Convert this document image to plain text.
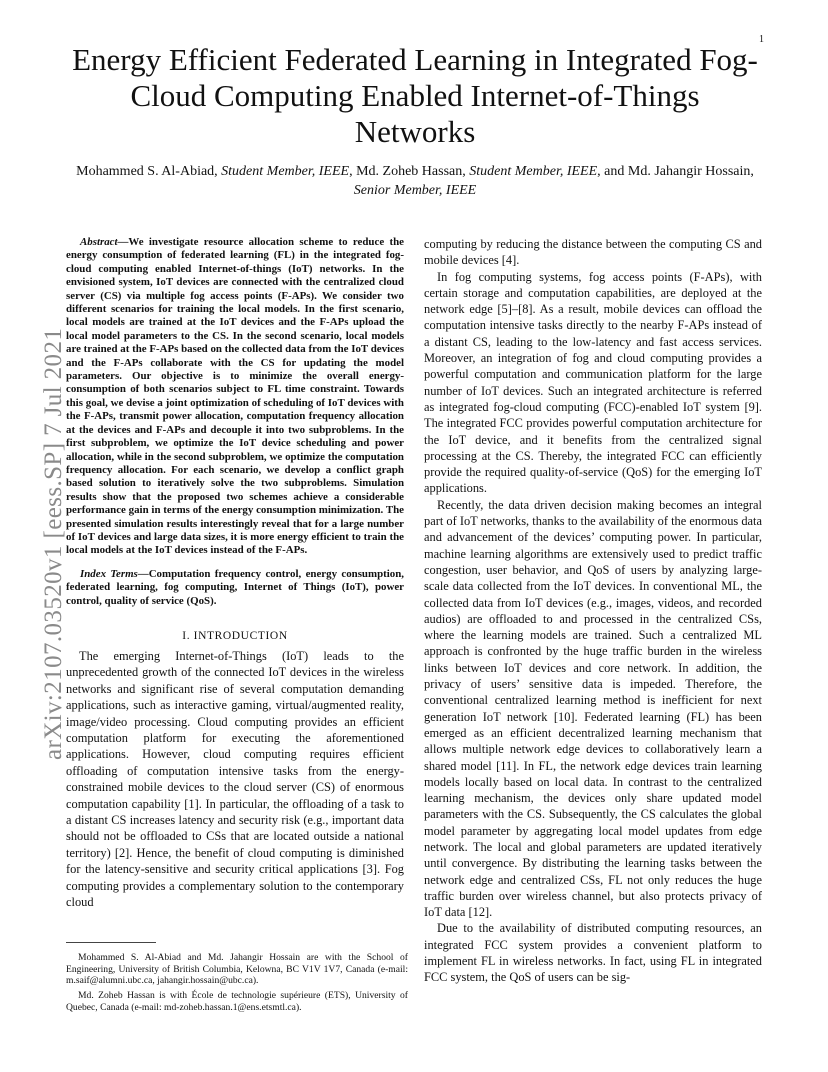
1
arXiv:2107.03520v1 [eess.SP] 7 Jul 2021
Energy Efficient Federated Learning in Integrated Fog-Cloud Computing Enabled Internet-of-Things Networks
Mohammed S. Al-Abiad, Student Member, IEEE, Md. Zoheb Hassan, Student Member, IEEE, and Md. Jahangir Hossain, Senior Member, IEEE

Abstract—We investigate resource allocation scheme to reduce the energy consumption of federated learning (FL) in the integrated fog-cloud computing enabled Internet-of-things (IoT) networks. In the envisioned system, IoT devices are connected with the centralized cloud server (CS) via multiple fog access points (F-APs). We consider two different scenarios for training the local models. In the first scenario, local models are trained at the IoT devices and the F-APs upload the local model parameters to the CS. In the second scenario, local models are trained at the F-APs based on the collected data from the IoT devices and the F-APs collaborate with the CS for updating the model parameters. Our objective is to minimize the overall energy-consumption of both scenarios subject to FL time constraint. Towards this goal, we devise a joint optimization of scheduling of IoT devices with the F-APs, transmit power allocation, computation frequency allocation at the devices and F-APs and decouple it into two subproblems. In the first subproblem, we optimize the IoT device scheduling and power allocation, while in the second subproblem, we optimize the computation frequency allocation. For each scenario, we develop a conflict graph based solution to iteratively solve the two subproblems. Simulation results show that the proposed two schemes achieve a considerable performance gain in terms of the energy consumption minimization. The presented simulation results interestingly reveal that for a large number of IoT devices and large data sizes, it is more energy efficient to train the local models at the IoT devices instead of the F-APs.

Index Terms—Computation frequency control, energy consumption, federated learning, fog computing, Internet of Things (IoT), power control, quality of service (QoS).

I. INTRODUCTION

The emerging Internet-of-Things (IoT) leads to the unprecedented growth of the connected IoT devices in the wireless networks and significant rise of several computation demanding applications, such as interactive gaming, virtual/augmented reality, image/video processing. Cloud computing provides an efficient computation platform for executing the aforementioned applications. However, cloud computing requires efficient offloading of computation intensive tasks from the energy-constrained mobile devices to the cloud server (CS) of enormous computation capability [1]. In particular, the offloading of a task to a distant CS increases latency and security risk (e.g., important data should not be offloaded to CSs that are located outside a national territory) [2]. Hence, the benefit of cloud computing is diminished for the latency-sensitive and security critical applications [3]. Fog computing provides a complementary solution to the contemporary cloud

computing by reducing the distance between the computing CS and mobile devices [4].

In fog computing systems, fog access points (F-APs), with certain storage and computation capabilities, are deployed at the network edge [5]–[8]. As a result, mobile devices can offload the computation intensive tasks directly to the nearby F-APs instead of a distant CS, leading to the low-latency and fast access services. Moreover, an integration of fog and cloud computing provides a powerful computation and communication platform for the large number of IoT devices. Such an integrated architecture is referred as integrated fog-cloud computing (FCC)-enabled IoT system [9]. The integrated FCC provides powerful computation architecture for the IoT device, and it benefits from the centralized signal processing at the CS. Thereby, the integrated FCC can efficiently provide the required quality-of-service (QoS) for the emerging IoT applications.

Recently, the data driven decision making becomes an integral part of IoT networks, thanks to the availability of the enormous data and advancement of the devices’ computing power. In particular, machine learning algorithms are extensively used to predict traffic congestion, user behavior, and QoS of users by analyzing large-scale data collected from the IoT devices. In conventional ML, the collected data from IoT devices (e.g., images, videos, and recorded audios) are offloaded to and processed in the centralized CSs, where the learning models are trained. Such a centralized ML approach is confronted by the huge traffic burden in the wireless links between IoT devices and core network. In addition, the privacy of users’ sensitive data is impeded. Therefore, the conventional centralized learning method is inefficient for next generation IoT network [10]. Federated learning (FL) has been emerged as an efficient decentralized learning mechanism that allows multiple network edge devices to collaboratively learn a shared model [11]. In FL, the network edge devices train learning models locally based on local data. In contrast to the centralized learning mechanism, the devices only share updated model parameters with the CS. Subsequently, the CS calculates the global model parameter by aggregating local model updates from edge network. The local and global parameters are updated iteratively until convergence. By distributing the learning tasks between the network edge and centralized CSs, FL not only reduces the huge traffic burden over wireless channel, but also protects privacy of IoT data [12].

Due to the availability of distributed computing resources, an integrated FCC system provides a convenient platform to implement FL in wireless networks. In fact, using FL in integrated FCC system, the QoS of users can be sig-

Mohammed S. Al-Abiad and Md. Jahangir Hossain are with the School of Engineering, University of British Columbia, Kelowna, BC V1V 1V7, Canada (e-mail: m.saif@alumni.ubc.ca, jahangir.hossain@ubc.ca).
Md. Zoheb Hassan is with École de technologie supérieure (ETS), University of Quebec, Canada (e-mail: md-zoheb.hassan.1@ens.etsmtl.ca).
